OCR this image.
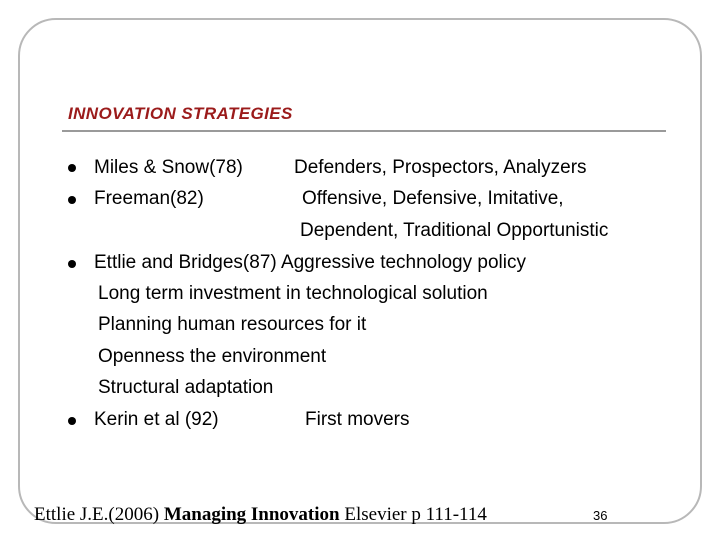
INNOVATION STRATEGIES
Miles & Snow(78)	Defenders, Prospectors, Analyzers
Freeman(82)	Offensive, Defensive, Imitative,
Dependent, Traditional Opportunistic
Ettlie and Bridges(87) Aggressive technology policy
Long term investment in technological solution
Planning human resources for it
Openness the environment
Structural adaptation
Kerin et al (92)	First movers
Ettlie J.E.(2006) Managing Innovation Elsevier p 111-114	36
